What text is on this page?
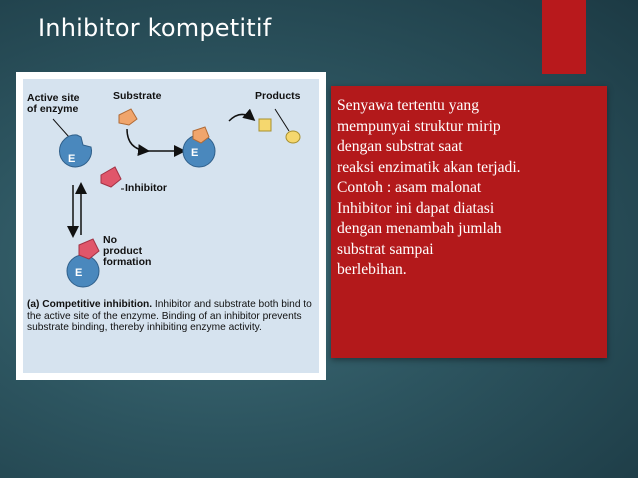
Inhibitor kompetitif
Active site
of enzyme
Substrate	Products
Inhibitor
No
product
formation
E	E
E
(a) Competitive inhibition. Inhibitor and substrate both bind to the active site of the enzyme. Binding of an inhibitor prevents substrate binding, thereby inhibiting enzyme activity.
Senyawa tertentu yang
mempunyai struktur mirip
dengan substrat saat
reaksi enzimatik akan terjadi.
Contoh : asam malonat
Inhibitor ini dapat diatasi
dengan menambah jumlah
substrat sampai
berlebihan.
